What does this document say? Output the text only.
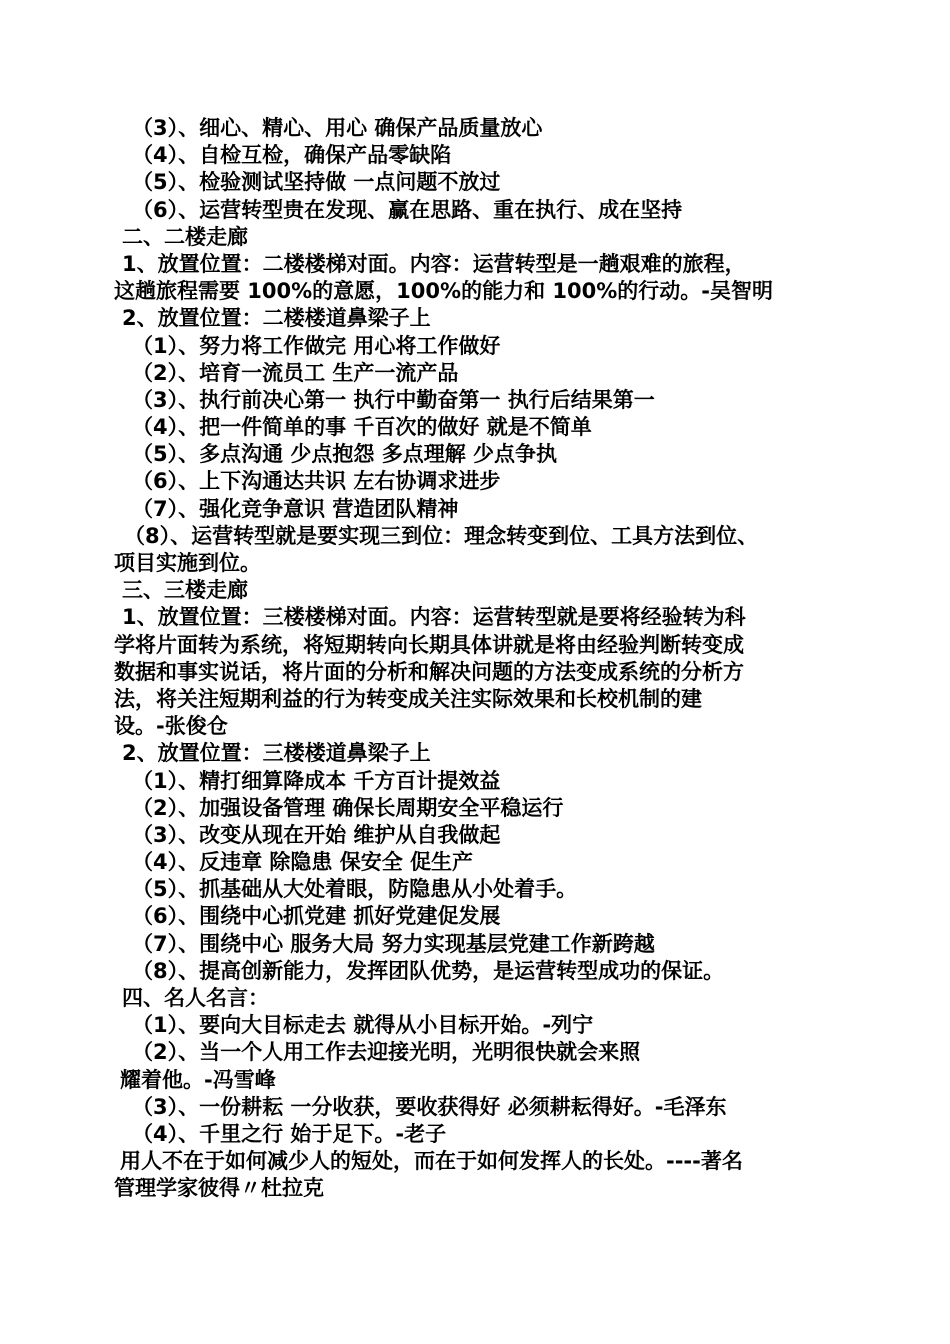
（3）、细心、精心、用心 确保产品质量放心
（4）、自检互检，确保产品零缺陷
（5）、检验测试坚持做 一点问题不放过
（6）、运营转型贵在发现、赢在思路、重在执行、成在坚持
二、二楼走廊
1、放置位置：二楼楼梯对面。内容：运营转型是一趟艰难的旅程，
这趟旅程需要 100%的意愿，100%的能力和 100%的行动。-吴智明
2、放置位置：二楼楼道鼻梁子上
（1）、努力将工作做完 用心将工作做好
（2）、培育一流员工 生产一流产品
（3）、执行前决心第一 执行中勤奋第一 执行后结果第一
（4）、把一件简单的事 千百次的做好 就是不简单
（5）、多点沟通 少点抱怨 多点理解 少点争执
（6）、上下沟通达共识 左右协调求进步
（7）、强化竞争意识 营造团队精神
（8）、运营转型就是要实现三到位：理念转变到位、工具方法到位、
项目实施到位。
三、三楼走廊
1、放置位置：三楼楼梯对面。内容：运营转型就是要将经验转为科
学将片面转为系统，将短期转向长期具体讲就是将由经验判断转变成
数据和事实说话，将片面的分析和解决问题的方法变成系统的分析方
法，将关注短期利益的行为转变成关注实际效果和长校机制的建
设。-张俊仓
2、放置位置：三楼楼道鼻梁子上
（1）、精打细算降成本 千方百计提效益
（2）、加强设备管理 确保长周期安全平稳运行
（3）、改变从现在开始 维护从自我做起
（4）、反违章 除隐患 保安全 促生产
（5）、抓基础从大处着眼，防隐患从小处着手。
（6）、围绕中心抓党建 抓好党建促发展
（7）、围绕中心 服务大局 努力实现基层党建工作新跨越
（8）、提高创新能力，发挥团队优势，是运营转型成功的保证。
四、名人名言：
（1）、要向大目标走去 就得从小目标开始。-列宁
（2）、当一个人用工作去迎接光明，光明很快就会来照
耀着他。-冯雪峰
（3）、一份耕耘 一分收获，要收获得好 必须耕耘得好。-毛泽东
（4）、千里之行 始于足下。-老子
用人不在于如何减少人的短处，而在于如何发挥人的长处。----著名
管理学家彼得〃杜拉克
